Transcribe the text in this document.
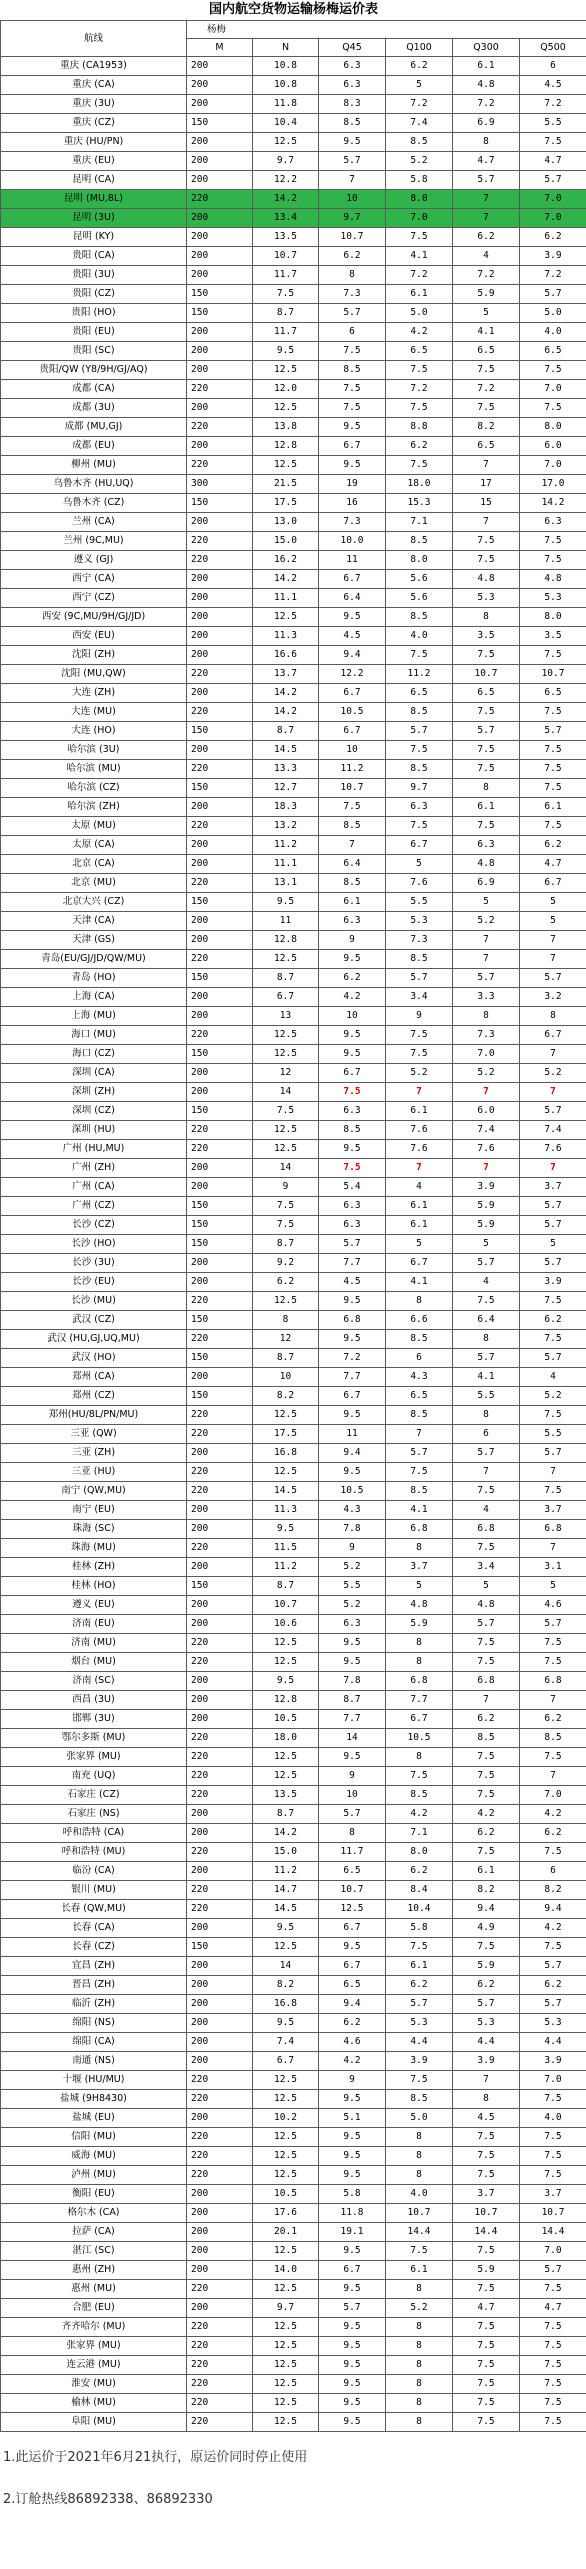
国内航空货物运输杨梅运价表						
航线	杨梅					
	M	N	Q45	Q100	Q300	Q500
重庆 (CA1953)	200	10.8	6.3	6.2	6.1	6
重庆 (CA)	200	10.8	6.3	5	4.8	4.5
重庆 (3U)	200	11.8	8.3	7.2	7.2	7.2
重庆 (CZ)	150	10.4	8.5	7.4	6.9	5.5
重庆 (HU/PN)	200	12.5	9.5	8.5	8	7.5
重庆 (EU)	200	9.7	5.7	5.2	4.7	4.7
昆明 (CA)	200	12.2	7	5.8	5.7	5.7
昆明 (MU,8L)	220	14.2	10	8.0	7	7.0
昆明 (3U)	200	13.4	9.7	7.0	7	7.0
昆明 (KY)	200	13.5	10.7	7.5	6.2	6.2
贵阳 (CA)	200	10.7	6.2	4.1	4	3.9
贵阳 (3U)	200	11.7	8	7.2	7.2	7.2
贵阳 (CZ)	150	7.5	7.3	6.1	5.9	5.7
贵阳 (HO)	150	8.7	5.7	5.0	5	5.0
贵阳 (EU)	200	11.7	6	4.2	4.1	4.0
贵阳 (SC)	200	9.5	7.5	6.5	6.5	6.5
贵阳/QW (Y8/9H/GJ/AQ)	200	12.5	8.5	7.5	7.5	7.5
成都 (CA)	220	12.0	7.5	7.2	7.2	7.0
成都 (3U)	200	12.5	7.5	7.5	7.5	7.5
成都 (MU,GJ)	220	13.8	9.5	8.8	8.2	8.0
成都 (EU)	200	12.8	6.7	6.2	6.5	6.0
柳州 (MU)	220	12.5	9.5	7.5	7	7.0
乌鲁木齐 (HU,UQ)	300	21.5	19	18.0	17	17.0
乌鲁木齐 (CZ)	150	17.5	16	15.3	15	14.2
兰州 (CA)	200	13.0	7.3	7.1	7	6.3
兰州 (9C,MU)	220	15.0	10.0	8.5	7.5	7.5
遵义 (GJ)	220	16.2	11	8.0	7.5	7.5
西宁 (CA)	200	14.2	6.7	5.6	4.8	4.8
西宁 (CZ)	200	11.1	6.4	5.6	5.3	5.3
西安 (9C,MU/9H/GJ/JD)	200	12.5	9.5	8.5	8	8.0
西安 (EU)	200	11.3	4.5	4.0	3.5	3.5
沈阳 (ZH)	200	16.6	9.4	7.5	7.5	7.5
沈阳 (MU,QW)	220	13.7	12.2	11.2	10.7	10.7
大连 (ZH)	200	14.2	6.7	6.5	6.5	6.5
大连 (MU)	220	14.2	10.5	8.5	7.5	7.5
大连 (HO)	150	8.7	6.7	5.7	5.7	5.7
哈尔滨 (3U)	200	14.5	10	7.5	7.5	7.5
哈尔滨 (MU)	220	13.3	11.2	8.5	7.5	7.5
哈尔滨 (CZ)	150	12.7	10.7	9.7	8	7.5
哈尔滨 (ZH)	200	18.3	7.5	6.3	6.1	6.1
太原 (MU)	220	13.2	8.5	7.5	7.5	7.5
太原 (CA)	200	11.2	7	6.7	6.3	6.2
北京 (CA)	200	11.1	6.4	5	4.8	4.7
北京 (MU)	220	13.1	8.5	7.6	6.9	6.7
北京大兴 (CZ)	150	9.5	6.1	5.5	5	5
天津 (CA)	200	11	6.3	5.3	5.2	5
天津 (GS)	200	12.8	9	7.3	7	7
青岛(EU/GJ/JD/QW/MU)	220	12.5	9.5	8.5	7	7
青岛 (HO)	150	8.7	6.2	5.7	5.7	5.7
上海 (CA)	200	6.7	4.2	3.4	3.3	3.2
上海 (MU)	200	13	10	9	8	8
海口 (MU)	220	12.5	9.5	7.5	7.3	6.7
海口 (CZ)	150	12.5	9.5	7.5	7.0	7
深圳 (CA)	200	12	6.7	5.2	5.2	5.2
深圳 (ZH)	200	14	7.5	7	7	7
深圳 (CZ)	150	7.5	6.3	6.1	6.0	5.7
深圳 (HU)	220	12.5	8.5	7.6	7.4	7.4
广州 (HU,MU)	220	12.5	9.5	7.6	7.6	7.6
广州 (ZH)	200	14	7.5	7	7	7
广州 (CA)	200	9	5.4	4	3.9	3.7
广州 (CZ)	150	7.5	6.3	6.1	5.9	5.7
长沙 (CZ)	150	7.5	6.3	6.1	5.9	5.7
长沙 (HO)	150	8.7	5.7	5	5	5
长沙 (3U)	200	9.2	7.7	6.7	5.7	5.7
长沙 (EU)	200	6.2	4.5	4.1	4	3.9
长沙 (MU)	220	12.5	9.5	8	7.5	7.5
武汉 (CZ)	150	8	6.8	6.6	6.4	6.2
武汉 (HU,GJ,UQ,MU)	220	12	9.5	8.5	8	7.5
武汉 (HO)	150	8.7	7.2	6	5.7	5.7
郑州 (CA)	200	10	7.7	4.3	4.1	4
郑州 (CZ)	150	8.2	6.7	6.5	5.5	5.2
郑州(HU/8L/PN/MU)	220	12.5	9.5	8.5	8	7.5
三亚 (QW)	220	17.5	11	7	6	5.5
三亚 (ZH)	200	16.8	9.4	5.7	5.7	5.7
三亚 (HU)	220	12.5	9.5	7.5	7	7
南宁 (QW,MU)	220	14.5	10.5	8.5	7.5	7.5
南宁 (EU)	200	11.3	4.3	4.1	4	3.7
珠海 (SC)	200	9.5	7.8	6.8	6.8	6.8
珠海 (MU)	220	11.5	9	8	7.5	7
桂林 (ZH)	200	11.2	5.2	3.7	3.4	3.1
桂林 (HO)	150	8.7	5.5	5	5	5
遵义 (EU)	200	10.7	5.2	4.8	4.8	4.6
济南 (EU)	200	10.6	6.3	5.9	5.7	5.7
济南 (MU)	220	12.5	9.5	8	7.5	7.5
烟台 (MU)	220	12.5	9.5	8	7.5	7.5
济南 (SC)	200	9.5	7.8	6.8	6.8	6.8
西昌 (3U)	200	12.8	8.7	7.7	7	7
邯郸 (3U)	200	10.5	7.7	6.7	6.2	6.2
鄂尔多斯 (MU)	220	18.0	14	10.5	8.5	8.5
张家界 (MU)	220	12.5	9.5	8	7.5	7.5
南充 (UQ)	220	12.5	9	7.5	7.5	7
石家庄 (CZ)	220	13.5	10	8.5	7.5	7.0
石家庄 (NS)	200	8.7	5.7	4.2	4.2	4.2
呼和浩特 (CA)	200	14.2	8	7.1	6.2	6.2
呼和浩特 (MU)	220	15.0	11.7	8.0	7.5	7.5
临汾 (CA)	200	11.2	6.5	6.2	6.1	6
银川 (MU)	220	14.7	10.7	8.4	8.2	8.2
长春 (QW,MU)	220	14.5	12.5	10.4	9.4	9.4
长春 (CA)	200	9.5	6.7	5.8	4.9	4.2
长春 (CZ)	150	12.5	9.5	7.5	7.5	7.5
宜昌 (ZH)	200	14	6.7	6.1	5.9	5.7
晋昌 (ZH)	200	8.2	6.5	6.2	6.2	6.2
临沂 (ZH)	200	16.8	9.4	5.7	5.7	5.7
绵阳 (NS)	200	9.5	6.2	5.3	5.3	5.3
绵阳 (CA)	200	7.4	4.6	4.4	4.4	4.4
南通 (NS)	200	6.7	4.2	3.9	3.9	3.9
十堰 (HU/MU)	220	12.5	9	7.5	7	7.0
盐城 (9H8430)	220	12.5	9.5	8.5	8	7.5
盐城 (EU)	200	10.2	5.1	5.0	4.5	4.0
信阳 (MU)	220	12.5	9.5	8	7.5	7.5
威海 (MU)	220	12.5	9.5	8	7.5	7.5
泸州 (MU)	220	12.5	9.5	8	7.5	7.5
衡阳 (EU)	200	10.5	5.8	4.0	3.7	3.7
格尔木 (CA)	200	17.6	11.8	10.7	10.7	10.7
拉萨 (CA)	200	20.1	19.1	14.4	14.4	14.4
湛江 (SC)	200	12.5	9.5	7.5	7.5	7.0
惠州 (ZH)	200	14.0	6.7	6.1	5.9	5.7
惠州 (MU)	220	12.5	9.5	8	7.5	7.5
合肥 (EU)	200	9.7	5.7	5.2	4.7	4.7
齐齐哈尔 (MU)	220	12.5	9.5	8	7.5	7.5
张家界 (MU)	220	12.5	9.5	8	7.5	7.5
连云港 (MU)	220	12.5	9.5	8	7.5	7.5
淮安 (MU)	220	12.5	9.5	8	7.5	7.5
榆林 (MU)	220	12.5	9.5	8	7.5	7.5
阜阳 (MU)	220	12.5	9.5	8	7.5	7.5
1.此运价于2021年6月21执行，原运价同时停止使用
2.订舱热线86892338、86892330
